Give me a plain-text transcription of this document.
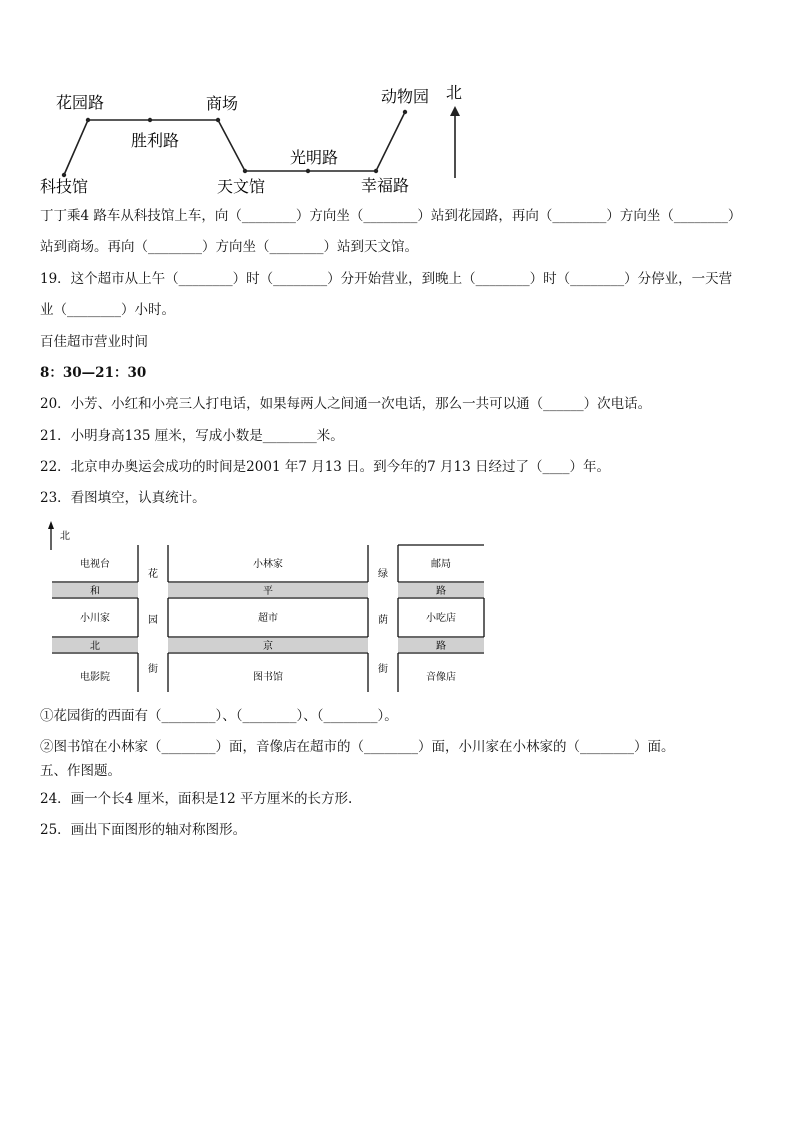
花园路	商场
胜利路
科技馆	天文馆
光明路
幸福路
动物园 北
丁丁乘4 路车从科技馆上车，向（________）方向坐（________）站到花园路，再向（________）方向坐（________）
站到商场。再向（________）方向坐（________）站到天文馆。
19．这个超市从上午（________）时（________）分开始营业，到晚上（________）时（________）分停业，一天营
业（________）小时。
百佳超市营业时间
8：30—21：30
20．小芳、小红和小亮三人打电话，如果每两人之间通一次电话，那么一共可以通（______）次电话。
21．小明身高135 厘米，写成小数是________米。
22．北京申办奥运会成功的时间是2001 年7 月13 日。到今年的7 月13 日经过了（____）年。
23．看图填空，认真统计。
北
电视台	小林家	邮局
和	平	路
小川家	超市	小吃店
北	京	路
电影院	图书馆	音像店
花
园
街
绿
荫
街
①花园街的西面有（________）、（________）、（________）。
②图书馆在小林家（________）面，音像店在超市的（________）面，小川家在小林家的（________）面。
五、作图题。
24．画一个长4 厘米，面积是12 平方厘米的长方形.
25．画出下面图形的轴对称图形。
